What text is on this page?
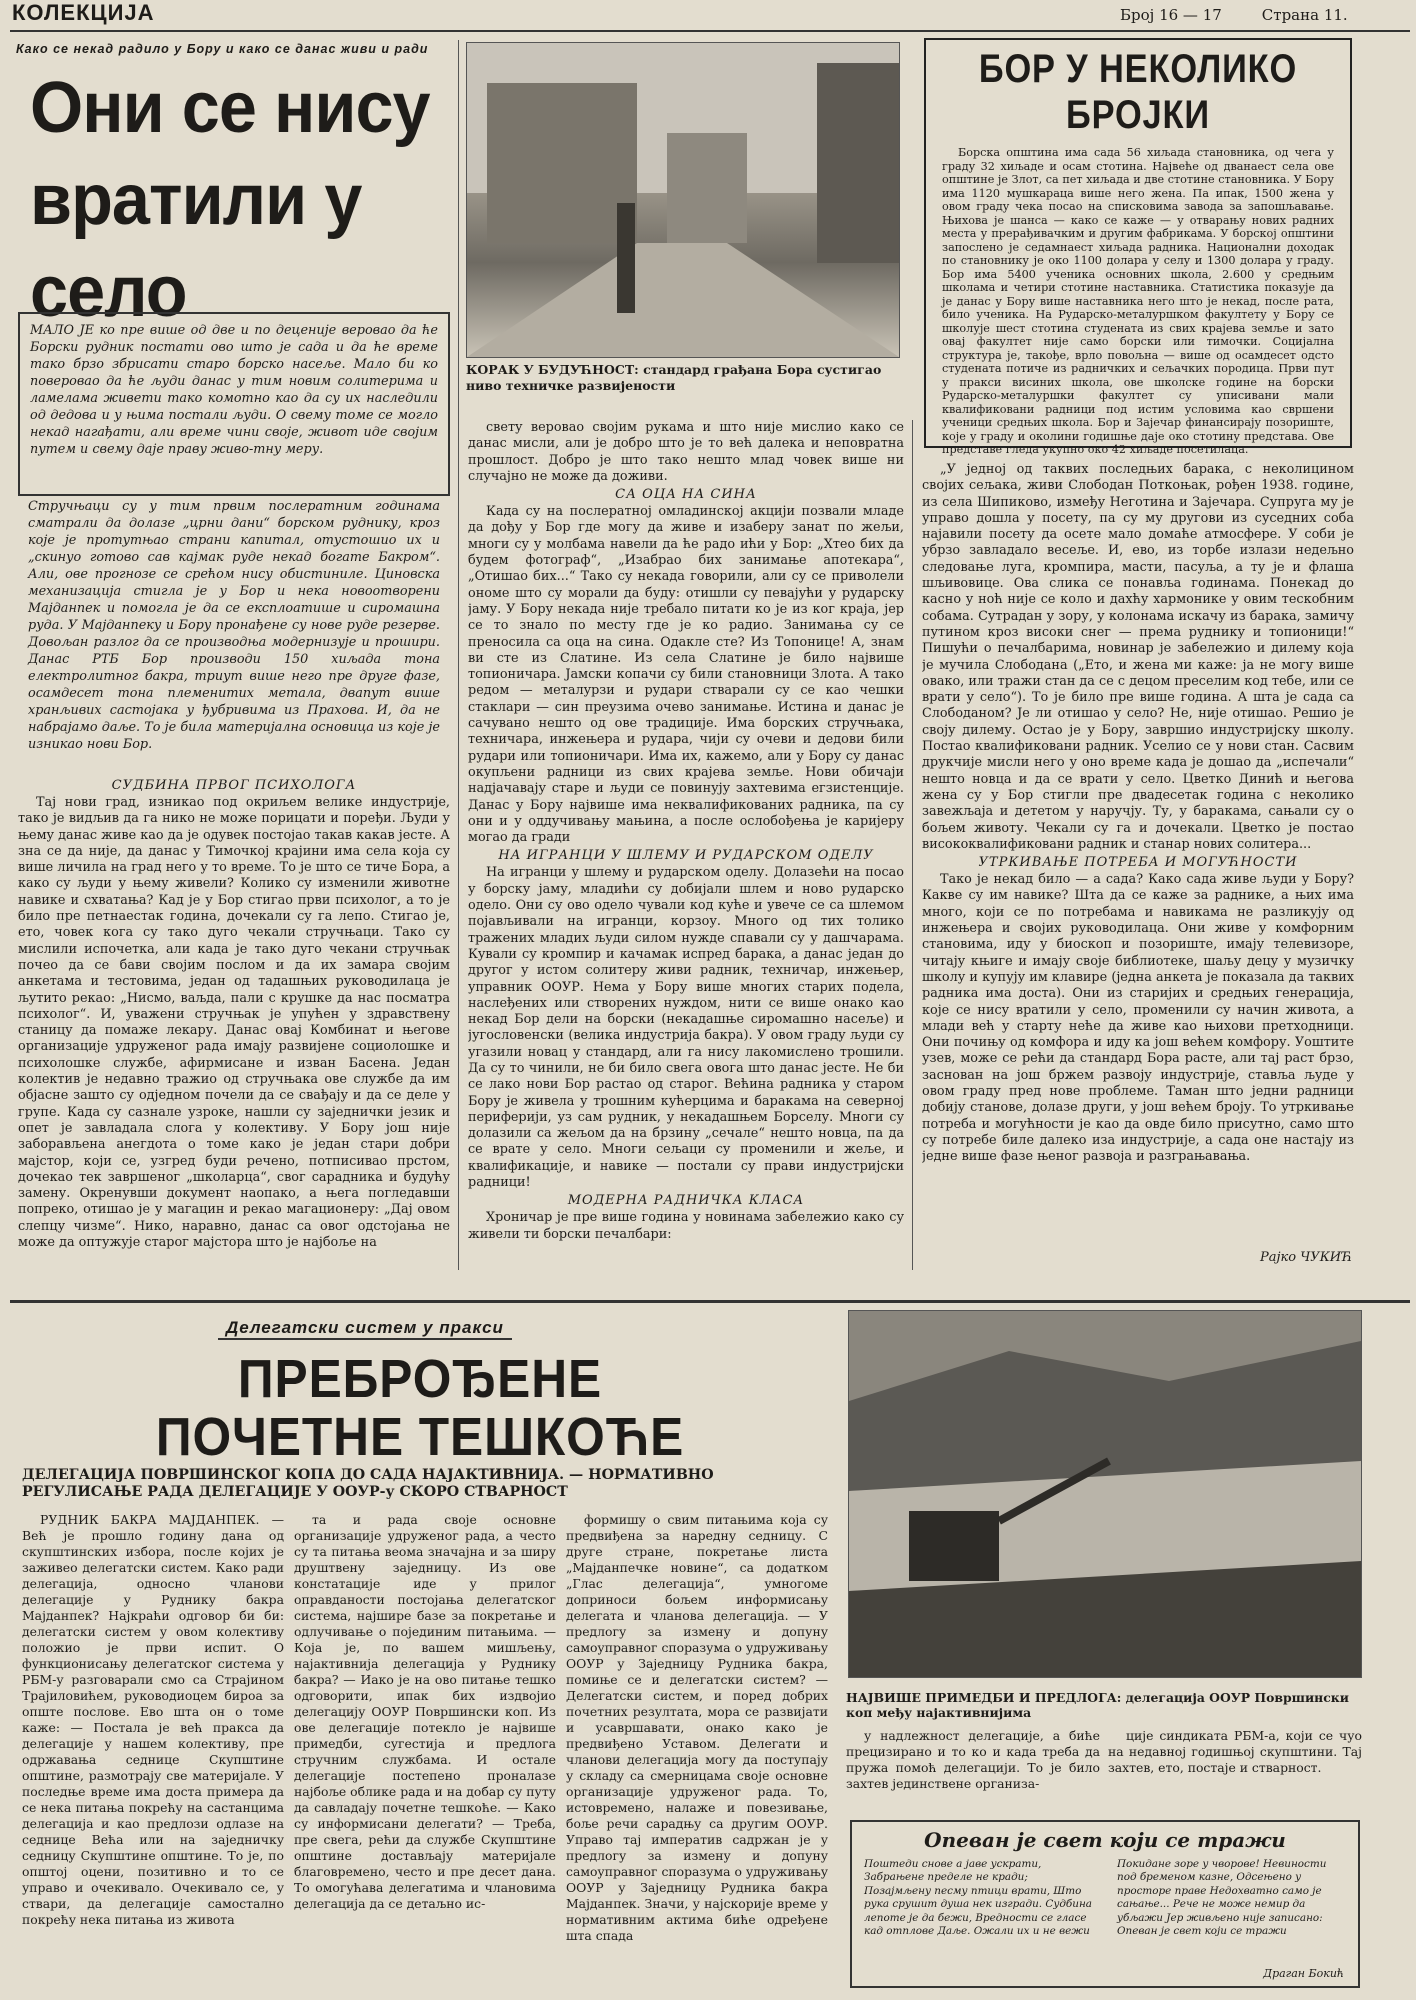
КОЛЕКЦИЈА	Број 16 — 17	Страна 11.
Како се некад радило у Бору и како се данас живи и ради
Они се нису вратили у село
МАЛО ЈЕ ко пре више од две и по деценије веровао да ће Борски рудник постати ово што је сада и да ће време тако брзо збрисати старо борско насеље. Мало би ко поверовао да ће људи данас у тим новим солитерима и ламелама живети тако комотно као да су их наследили од дедова и у њима постали људи. О свему томе се могло некад нагађати, али време чини своје, живот иде својим путем и свему даје праву живо-тну меру.
Стручњаци су у тим првим послератним годинама сматрали да долазе „црни дани“ борском руднику, кроз које је протутњао страни капитал, отустошио их и „скинуо готово сав кајмак руде некад богате Бакром“. Али, ове прогнозе се срећом нису обистиниле. Циновска механизација стигла је у Бор и нека новоотворени Мајданпек и помогла је да се експлоатише и сиромашна руда. У Мајданпеку и Бору пронађене су нове руде резерве. Довољан разлог да се производња модернизује и прошири. Данас РТБ Бор производи 150 хиљада тона електролитног бакра, триут више него пре друге фазе, осамдесет тона племенитих метала, двапут више хранљивих састојака у ђубривима из Прахова. И, да не набрајамо даље. То је била материјална основица из које је изникао нови Бор.
КОРАК У БУДУЋНОСТ: стандард грађана Бора сустигао ниво техничке развијености

СУДБИНА ПРВОГ ПСИХОЛОГА

Тај нови град, изникао под окриљем велике индустрије, тако је видљив да га нико не може порицати и поређи. Људи у њему данас живе као да је одувек постојао такав какав јесте. А зна се да није, да данас у Тимочкој крајини има села која су више личила на град него у то време. То је што се тиче Бора, а како су људи у њему живели? Колико су изменили животне навике и схватања? Кад је у Бор стигао први психолог, а то је било пре петнаестак година, дочекали су га лепо. Стигао је, ето, човек кога су тако дуго чекали стручњаци. Тако су мислили испочетка, али када је тако дуго чекани стручњак почео да се бави својим послом и да их замара својим анкетама и тестовима, један од тадашњих руководилаца је љутито рекао: „Нисмо, ваљда, пали с крушке да нас посматра психолог“. И, уважени стручњак је упућен у здравствену станицу да помаже лекару. Данас овај Комбинат и његове организације удруженог рада имају развијене социолошке и психолошке службе, афирмисане и изван Басена. Један колектив је недавно тражио од стручњака ове службе да им објасне зашто су одједном почели да се свађају и да се деле у групе. Када су сазнале узроке, нашли су заједнички језик и опет је завладала слога у колективу. У Бору још није заборављена анегдота о томе како је један стари добри мајстор, који се, узгред буди речено, потписивао прстом, дочекао тек завршеног „школарца“, свог сарадника и будућу замену. Окренувши документ наопако, а њега погледавши попреко, отишао је у магацин и рекао магационеру: „Дај овом слепцу чизме“. Нико, наравно, данас са овог одстојања не може да оптужује старог мајстора што је најбоље на

свету веровао својим рукама и што није мислио како се данас мисли, али је добро што је то већ далека и неповратна прошлост. Добро је што тако нешто млад човек више ни случајно не може да доживи.

СА ОЦА НА СИНА

Када су на послератној омладинској акцији позвали младе да дођу у Бор где могу да живе и изаберу занат по жељи, многи су у молбама навели да ће радо ићи у Бор: „Хтео бих да будем фотограф“, „Изабрао бих занимање апотекара“, „Отишао бих...“ Тако су некада говорили, али су се приволели ономе што су морали да буду: отишли су певајући у рударску јаму. У Бору некада није требало питати ко је из ког краја, јер се то знало по месту где је ко радио. Занимања су се преносила са оца на сина. Одакле сте? Из Топонице! А, знам ви сте из Слатине. Из села Слатине је било највише топионичара. Јамски копачи су били становници Злота. А тако редом — металурзи и рудари стварали су се као чешки стаклари — син преузима очево занимање. Истина и данас је сачувано нешто од ове традиције. Има борских стручњака, техничара, инжењера и рудара, чији су очеви и дедови били рудари или топионичари. Има их, кажемо, али у Бору су данас окупљени радници из свих крајева земље. Нови обичаји надјачавају старе и људи се повинују захтевима егзистенције. Данас у Бору највише има неквалификованих радника, па су они и у оддучивању мањина, а после ослобођења је каријеру могао да гради

НА ИГРАНЦИ У ШЛЕМУ И РУДАРСКОМ ОДЕЛУ

На игранци у шлему и рударском оделу. Долазећи на посао у борску јаму, младићи су добијали шлем и ново рударско одело. Они су ово одело чували код куће и увече се са шлемом појављивали на игранци, корзоу. Много од тих толико тражених младих људи силом нужде спавали су у дашчарама. Кували су кромпир и качамак испред барака, а данас један до другог у истом солитеру живи радник, техничар, инжењер, управник ООУР. Нема у Бору више многих старих подела, наслеђених или створених нуждом, нити се више онако као некад Бор дели на борски (некадашње сиромашно насеље) и југословенски (велика индустрија бакра). У овом граду људи су угазили новац у стандард, али га нису лакомислено трошили. Да су то чинили, не би било свега овога што данас јесте. Не би се лако нови Бор растао од старог. Већина радника у старом Бору је живела у трошним кућерцима и баракама на северној периферији, уз сам рудник, у некадашњем Борселу. Многи су долазили са жељом да на брзину „сечале“ нешто новца, па да се врате у село. Многи сељаци су променили и жеље, и квалификације, и навике — постали су прави индустријски радници!

МОДЕРНА РАДНИЧКА КЛАСА

Хроничар је пре више година у новинама забележио како су живели ти борски печалбари:

БОР У НЕКОЛИКО БРОЈКИ

Борска општина има сада 56 хиљада становника, од чега у граду 32 хиљаде и осам стотина. Највеће од дванаест села ове општине је Злот, са пет хиљада и две стотине становника. У Бору има 1120 мушкараца више него жена. Па ипак, 1500 жена у овом граду чека посао на списковима завода за запошљавање. Њихова је шанса — како се каже — у отварању нових радних места у прерађивачким и другим фабрикама. У борској општини запослено је седамнаест хиљада радника. Национални доходак по становнику је око 1100 долара у селу и 1300 долара у граду. Бор има 5400 ученика основних школа, 2.600 у средњим школама и четири стотине наставника. Статистика показује да је данас у Бору више наставника него што је некад, после рата, било ученика. На Рударско-металуршком факултету у Бору се школује шест стотина студената из свих крајева земље и зато овај факултет није само борски или тимочки. Социјална структура је, такође, врло повољна — више од осамдесет одсто студената потиче из радничких и сељачких породица. Први пут у пракси висиних школа, ове школске године на борски Рударско-металуршки факултет су уписивани мали квалификовани радници под истим условима као свршени ученици средњих школа. Бор и Зајечар финансирају позориште, које у граду и околини годишње даје око стотину представа. Ове представе гледа укупно око 42 хиљаде посетилаца.

„У једној од таквих последњих барака, с неколицином својих сељака, живи Слободан Поткоњак, рођен 1938. године, из села Шипиково, између Неготина и Зајечара. Супруга му је управо дошла у посету, па су му другови из суседних соба најавили посету да осете мало домаће атмосфере. У соби је убрзо завладало весеље. И, ево, из торбе излази недељно следовање луга, кромпира, масти, пасуља, а ту је и флаша шљивовице. Ова слика се понавља годинама. Понекад до касно у ноћ није се коло и дахћу хармонике у овим тескобним собама. Сутрадан у зору, у колонама искачу из барака, замичу путином кроз високи снег — према руднику и топионици!“ Пишући о печалбарима, новинар је забележио и дилему која је мучила Слободана („Ето, и жена ми каже: ја не могу више овако, или тражи стан да се с децом преселим код тебе, или се врати у село“). То је било пре више година. А шта је сада са Слободаном? Је ли отишао у село? Не, није отишао. Решио је своју дилему. Остао је у Бору, завршио индустријску школу. Постао квалификовани радник. Уселио се у нови стан. Сасвим друкчије мисли него у оно време када је дошао да „испечали“ нешто новца и да се врати у село. Цветко Динић и његова жена су у Бор стигли пре двадесетак година с неколико завежљаја и дететом у наручју. Ту, у баракама, сањали су о бољем животу. Чекали су га и дочекали. Цветко је постао висококвалификовани радник и станар нових солитера...

УТРКИВАЊЕ ПОТРЕБА И МОГУЋНОСТИ

Тако је некад било — а сада? Како сада живе људи у Бору? Какве су им навике? Шта да се каже за раднике, а њих има много, који се по потребама и навикама не разликују од инжењера и својих руководилаца. Они живе у комфорним становима, иду у биоскоп и позориште, имају телевизоре, читају књиге и имају своје библиотеке, шаљу децу у музичку школу и купују им клавире (једна анкета је показала да таквих радника има доста). Они из старијих и средњих генерација, које се нису вратили у село, променили су начин живота, а млади већ у старту неће да живе као њихови претходници. Они почињу од комфора и иду ка још већем комфору. Уоштите узев, може се рећи да стандард Бора расте, али тај раст брзо, заснован на још бржем развоју индустрије, ставља људе у овом граду пред нове проблеме. Таман што једни радници добију станове, долазе други, у још већем броју. То утркивање потреба и могућности је као да овде било присутно, само што су потребе биле далеко иза индустрије, а сада оне настају из једне више фазе њеног развоја и разграњавања.

Рајко ЧУКИЋ
Делегатски систем у пракси
ПРЕБРОЂЕНЕ ПОЧЕТНЕ ТЕШКОЋЕ
ДЕЛЕГАЦИЈА ПОВРШИНСКОГ КОПА ДО САДА НАЈАКТИВНИЈА. — НОРМАТИВНО РЕГУЛИСАЊЕ РАДА ДЕЛЕГАЦИЈЕ У ООУР-у СКОРО СТВАРНОСТ

РУДНИК БАКРА МАЈДАНПЕК. — Већ је прошло годину дана од скупштинских избора, после којих је заживео делегатски систем. Како ради делегација, односно чланови делегације у Руднику бакра Мајданпек? Најкраћи одговор би би: делегатски систем у овом колективу положио је први испит. О функционисању делегатског система у РБМ-у разговарали смо са Страјином Трајиловићем, руководиоцем бироа за опште послове. Ево шта он о томе каже: — Постала је већ пракса да делегације у нашем колективу, пре одржавања седнице Скупштине општине, размотрају све материјале. У последње време има доста примера да се нека питања покрећу на састанцима делегација и као предлози одлазе на седнице Већа или на заједничку седницу Скупштине општине. То је, по општој оцени, позитивно и то се управо и очекивало. Очекивало се, у ствари, да делегације самостално покрећу нека питања из живота

та и рада своје основне организације удруженог рада, а често су та питања веома значајна и за ширу друштвену заједницу. Из ове констатације иде у прилог оправданости постојања делегатског система, најшире базе за покретање и одлучивање о појединим питањима. — Која је, по вашем мишљењу, најактивнија делегација у Руднику бакра? — Иако је на ово питање тешко одговорити, ипак бих издвојио делегацију ООУР Површински коп. Из ове делегације потекло је највише примедби, сугестија и предлога стручним службама. И остале делегације постепено проналазе најбоље облике рада и на добар су путу да савладају почетне тешкоће. — Како су информисани делегати? — Треба, пре свега, рећи да службе Скупштине општине достављају материјале благовремено, често и пре десет дана. То омогућава делегатима и члановима делегација да се детаљно ис-

формишу о свим питањима која су предвиђена за наредну седницу. С друге стране, покретање листа „Мајданпечке новине“, са додатком „Глас делегација“, умногоме доприноси бољем информисању делегата и чланова делегација. — У предлогу за измену и допуну самоуправног споразума о удруживању ООУР у Заједницу Рудника бакра, помиње се и делегатски систем? — Делегатски систем, и поред добрих почетних резултата, мора се развијати и усавршавати, онако како је предвиђено Уставом. Делегати и чланови делегација могу да поступају у складу са смерницама своје основне организације удруженог рада. То, истовремено, налаже и повезивање, боље речи сарадњу са другим ООУР. Управо тај императив садржан је у предлогу за измену и допуну самоуправног споразума о удруживању ООУР у Заједницу Рудника бакра Мајданпек. Значи, у најскорије време у нормативним актима биће одређене шта спада

НАЈВИШЕ ПРИМЕДБИ И ПРЕДЛОГА: делегација ООУР Површински коп међу најактивнијима

у надлежност делегације, а биће прецизирано и то ко и када треба да пружа помоћ делегацији. То је било захтев јединствене организа-

ције синдиката РБМ-а, који се чуо на недавној годишњој скупштини. Тај захтев, ето, постаје и стварност.

Опеван је свет који се тражи
Поштеди снове а јаве ускрати, Забрањене пределе не кради; Позајмљену песму птици врати, Што рука срушит душа нек изгради. Судбина лепоте је да бежи, Вредности се гласе кад отплове Даље. Ожали их и не вежи
Покидане зоре у чворове! Невиности под бременом казне, Одсењено у просторе праве Недохватно само је сањање... Рече не може немир да убљажи Јер живљено није записано: Опеван је свет који се тражи
Драган Бокић
